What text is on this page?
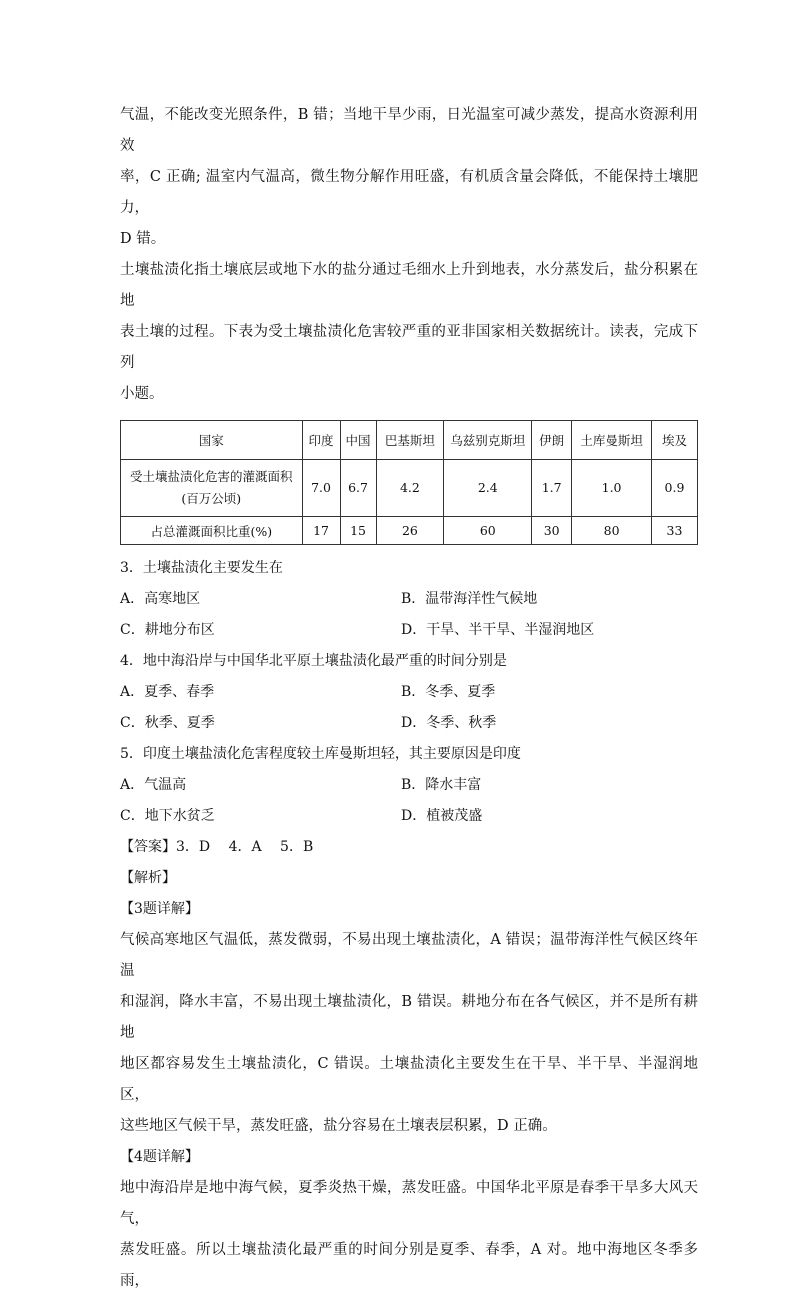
气温，不能改变光照条件，B 错；当地干旱少雨，日光温室可减少蒸发，提高水资源利用效

率，C 正确; 温室内气温高，微生物分解作用旺盛，有机质含量会降低，不能保持土壤肥力，

D 错。

土壤盐渍化指土壤底层或地下水的盐分通过毛细水上升到地表，水分蒸发后，盐分积累在地

表土壤的过程。下表为受土壤盐渍化危害较严重的亚非国家相关数据统计。读表，完成下列

小题。

国家	印度	中国	巴基斯坦	乌兹别克斯坦	伊朗	土库曼斯坦	埃及

受土壤盐渍化危害的灌溉面积
(百万公顷)	7.0	6.7	4.2	2.4	1.7	1.0	0.9
占总灌溉面积比重(%)	17	15	26	60	30	80	33

3．土壤盐渍化主要发生在

A．高寒地区	B．温带海洋性气候地
C．耕地分布区	D．干旱、半干旱、半湿润地区

4．地中海沿岸与中国华北平原土壤盐渍化最严重的时间分别是

A．夏季、春季	B．冬季、夏季
C．秋季、夏季	D．冬季、秋季

5．印度土壤盐渍化危害程度较土库曼斯坦轻，其主要原因是印度

A．气温高	B．降水丰富
C．地下水贫乏	D．植被茂盛

【答案】3．D　 4．A　 5．B

【解析】

【3题详解】

气候高寒地区气温低，蒸发微弱，不易出现土壤盐渍化，A 错误；温带海洋性气候区终年温

和湿润，降水丰富，不易出现土壤盐渍化，B 错误。耕地分布在各气候区，并不是所有耕地

地区都容易发生土壤盐渍化，C 错误。土壤盐渍化主要发生在干旱、半干旱、半湿润地区，

这些地区气候干旱，蒸发旺盛，盐分容易在土壤表层积累，D 正确。

【4题详解】

地中海沿岸是地中海气候，夏季炎热干燥，蒸发旺盛。中国华北平原是春季干旱多大风天气，

蒸发旺盛。所以土壤盐渍化最严重的时间分别是夏季、春季，A 对。地中海地区冬季多雨，
